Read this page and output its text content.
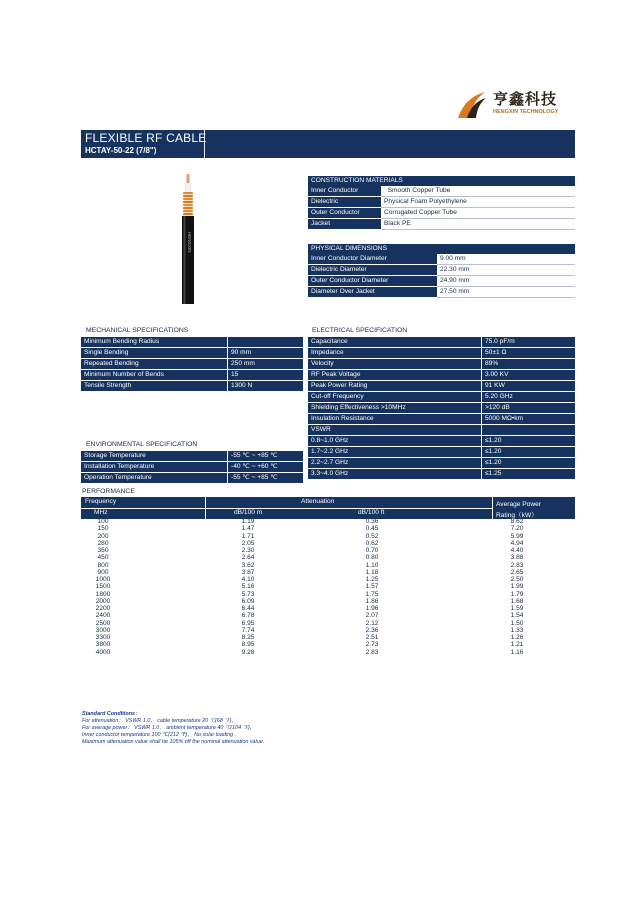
亨鑫科技
HENGXIN TECHNOLOGY
FLEXIBLE RF CABLE
HCTAY-50-22 (7/8")
HENGXIN
CONSTRUCTION MATERIALS	
Inner Conductor	Smooth Copper Tube
Dielectric	Physical Foam Polyethylene
Outer Conductor	Corrugated Copper Tube
Jacket	Black PE
PHYSICAL DIMENSIONS	
Inner Conductor Diameter	9.00 mm
Dielectric Diameter	22.30 mm
Outer Conductor Diameter	24.90 mm
Diameter Over Jacket	27.50 mm
MECHANICAL SPECIFICATIONS
Minimum Bending Radius	
Single Bending	90 mm
Repeated Bending	250 mm
Minimum Number of Bends	15
Tensile Strength	1300 N
ENVIRONMENTAL SPECIFICATION
Storage Temperature	-55 ℃ ~ +85 ℃
Installation Temperature	-40 ℃ ~ +60 ℃
Operation Temperature	-55 ℃ ~ +85 ℃
ELECTRICAL SPECIFICATION
Capacitance	75.0 pF/m
Impedance	50±1 Ω
Velocity	89%
RF Peak Voltage	3.00 KV
Peak Power Rating	91 KW
Cut-off Frequency	5.20 GHz
Shielding Effectiveness >10MHz	>120 dB
Insulation Resistance	5000 MΩ•km
VSWR	
0.8~1.0 GHz	≤1.20
1.7~2.2 GHz	≤1.20
2.2~2.7 GHz	≤1.20
3.3~4.0 GHz	≤1.25
PERFORMANCE
Frequency
MHz
Attenuation
dB/100 m	dB/100 ft
Average Power
Rating（kW）
100	1.19	0.36	8.62
150	1.47	0.45	7.20
200	1.71	0.52	5.99
280	2.05	0.62	4.94
350	2.30	0.70	4.40
450	2.64	0.80	3.88
800	3.62	1.10	2.83
900	3.87	1.18	2.65
1000	4.10	1.25	2.50
1500	5.16	1.57	1.99
1800	5.73	1.75	1.79
2000	6.09	1.86	1.68
2200	6.44	1.96	1.59
2400	6.78	2.07	1.54
2500	6.95	2.12	1.50
3000	7.74	2.36	1.33
3300	8.25	2.51	1.26
3800	8.95	2.73	1.21
4000	9.28	2.83	1.16
Standard Conditions：
For attenuation： VSWR 1.0， cable temperature 20 ℃(68 ℉)，
For average power： VSWR 1.0， ambient temperature 40 ℃(104 ℉)，
Inner conductor temperature 100 ℃(212 ℉)， No solar loading .
Maximum attenuation value shall be 105% off the nominal attenuation value.
